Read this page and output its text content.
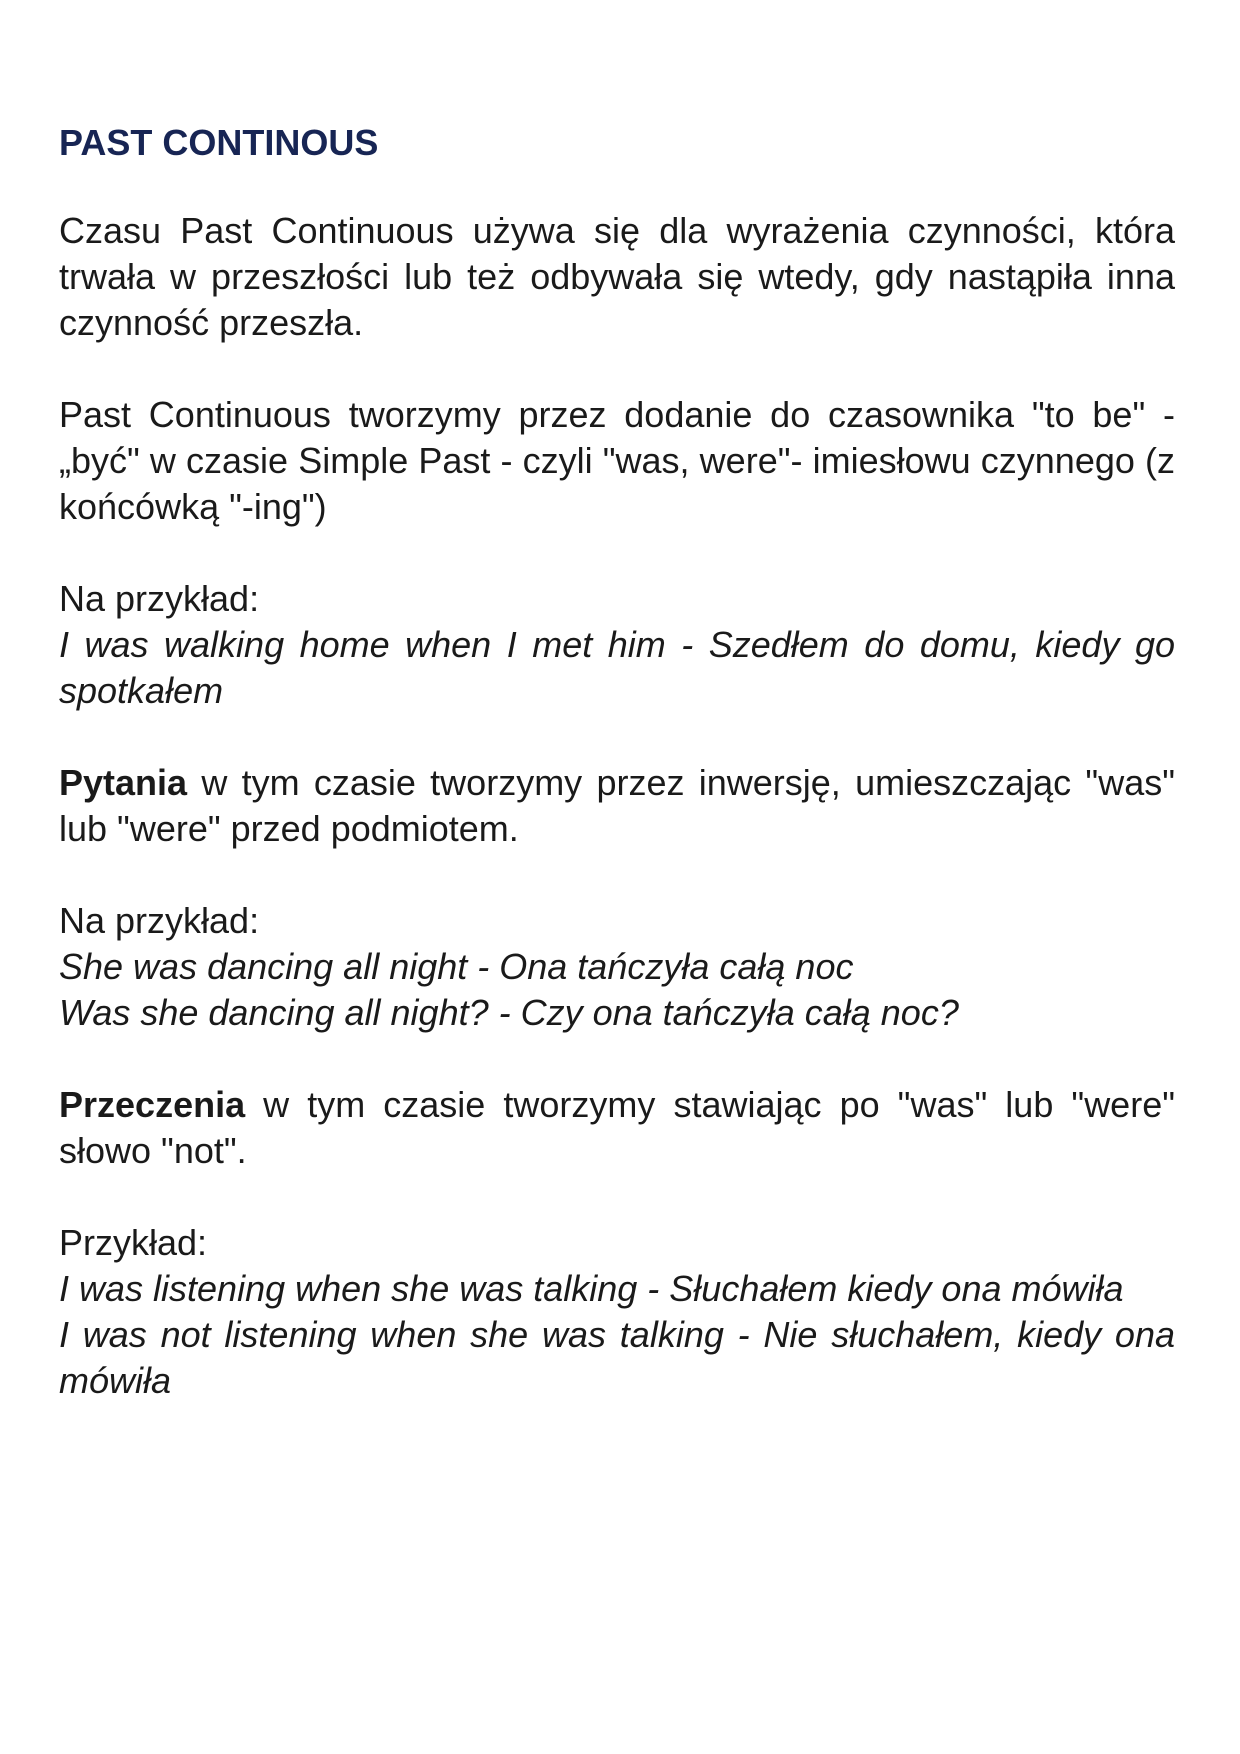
PAST CONTINOUS

Czasu Past Continuous używa się dla wyrażenia czynności, która trwała w przeszłości lub też odbywała się wtedy, gdy nastąpiła inna czynność przeszła.

Past Continuous tworzymy przez dodanie do czasownika "to be" - „być" w czasie Simple Past - czyli "was, were"- imiesłowu czynnego (z końcówką "-ing")

Na przykład:
I was walking home when I met him - Szedłem do domu, kiedy go spotkałem

Pytania w tym czasie tworzymy przez inwersję, umieszczając "was" lub "were" przed podmiotem.

Na przykład:
She was dancing all night - Ona tańczyła całą noc
Was she dancing all night? - Czy ona tańczyła całą noc?

Przeczenia w tym czasie tworzymy stawiając po "was" lub "were" słowo "not".

Przykład:
I was listening when she was talking - Słuchałem kiedy ona mówiła
I was not listening when she was talking - Nie słuchałem, kiedy ona mówiła
